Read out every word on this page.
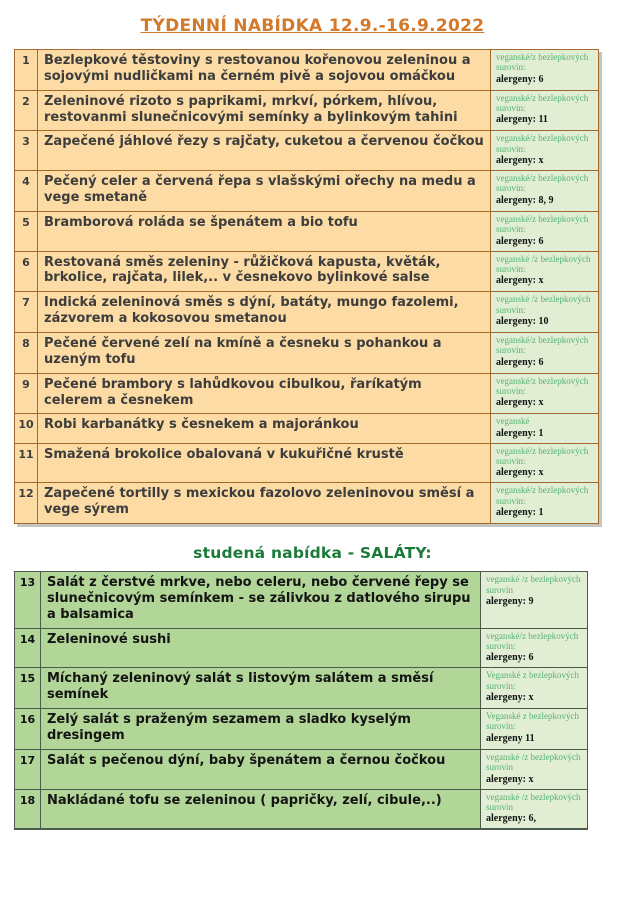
TÝDENNÍ NABÍDKA 12.9.-16.9.2022
1	Bezlepkové těstoviny s restovanou kořenovou zeleninou a sojovými nudličkami na černém pivě a sojovou omáčkou	veganské/z bezlepkových surovin:
alergeny: 6

2	Zeleninové rizoto s paprikami, mrkví, pórkem, hlívou, restovanmi slunečnicovými semínky a bylinkovým tahini	veganské/z bezlepkových surovin:
alergeny: 11

3	Zapečené jáhlové řezy s rajčaty, cuketou a červenou čočkou	veganské/z bezlepkových surovin:
alergeny: x

4	Pečený celer a červená řepa s vlašskými ořechy na medu a vege smetaně	veganské/z bezlepkových surovin:
alergeny: 8, 9

5	Bramborová roláda se špenátem a bio tofu	veganské/z bezlepkových surovin:
alergeny: 6

6	Restovaná směs zeleniny - růžičková kapusta, květák, brkolice, rajčata, lilek,.. v česnekovo bylinkové salse	veganské /z bezlepkových surovin:
alergeny: x

7	Indická zeleninová směs s dýní, batáty, mungo fazolemi, zázvorem a kokosovou smetanou	veganské /z bezlepkových surovin:
alergeny: 10

8	Pečené červené zelí na kmíně a česneku s pohankou a uzeným tofu	veganské/z bezlepkových surovin:
alergeny: 6

9	Pečené brambory s lahůdkovou cibulkou, řaríkatým celerem a česnekem	veganské/z bezlepkových surovin:
alergeny: x

10	Robi karbanátky s česnekem a majoránkou	veganské
alergeny: 1

11	Smažená brokolice obalovaná v kukuřičné krustě	veganské/z bezlepkových surovin:
alergeny: x

12	Zapečené tortilly s mexickou fazolovo zeleninovou směsí a vege sýrem	veganské/z bezlepkových surovin:
alergeny: 1
studená nabídka - SALÁTY:
13	Salát z čerstvé mrkve, nebo celeru, nebo červené řepy se slunečnicovým semínkem - se zálivkou z datlového sirupu a balsamica	veganské /z bezlepkových surovin
alergeny: 9

14	Zeleninové sushi	veganské/z bezlepkových surovin:
alergeny: 6

15	Míchaný zeleninový salát s listovým salátem a směsí semínek	Veganské z bezlepkových surovin:
alergeny: x

16	Zelý salát s praženým sezamem a sladko kyselým dresingem	Veganské z bezlepkových surovin:
alergeny 11

17	Salát s pečenou dýní, baby špenátem a černou čočkou	veganské /z bezlepkových surovin
alergeny: x

18	Nakládané tofu se zeleninou ( papričky, zelí, cibule,..)	veganské /z bezlepkových surovin
alergeny: 6,
